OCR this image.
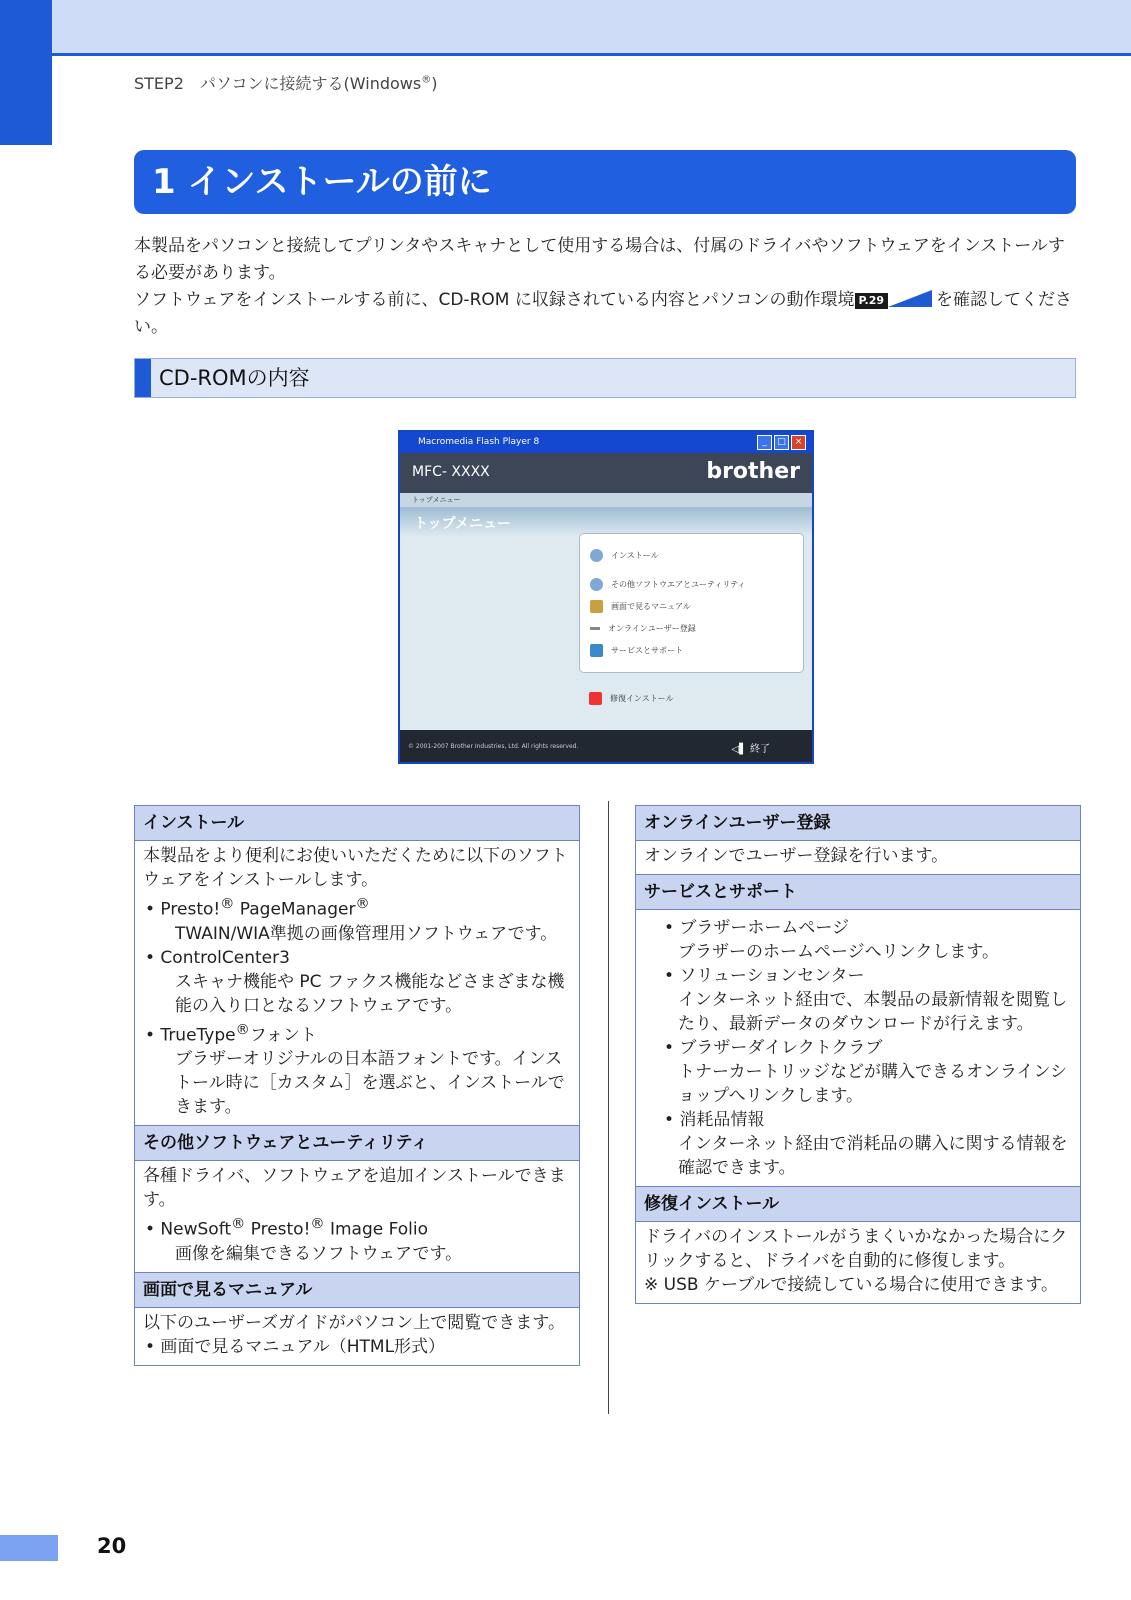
STEP2　パソコンに接続する(Windows®)
1 インストールの前に
本製品をパソコンと接続してプリンタやスキャナとして使用する場合は、付属のドライバやソフトウェアをインストールする必要があります。
ソフトウェアをインストールする前に、CD-ROM に収録されている内容とパソコンの動作環境 P.29	を確認してください。
CD-ROMの内容
Macromedia Flash Player 8	_	□ ×
MFC- XXXX	brother
トップメニュー
トップメニュー
インストール
その他ソフトウエアとユーティリティ
画面で見るマニュアル
オンラインユーザー登録
サービスとサポート
修復インストール
© 2001-2007 Brother Industries, Ltd. All rights reserved.	◁▌ 終了
インストール
本製品をより便利にお使いいただくために以下のソフトウェアをインストールします。
• Presto!® PageManager®
TWAIN/WIA準拠の画像管理用ソフトウェアです。
• ControlCenter3
スキャナ機能や PC ファクス機能などさまざまな機能の入り口となるソフトウェアです。
• TrueType®フォント
ブラザーオリジナルの日本語フォントです。インストール時に［カスタム］を選ぶと、インストールできます。
その他ソフトウェアとユーティリティ
各種ドライバ、ソフトウェアを追加インストールできます。
• NewSoft® Presto!® Image Folio
画像を編集できるソフトウェアです。
画面で見るマニュアル
以下のユーザーズガイドがパソコン上で閲覧できます。
• 画面で見るマニュアル（HTML形式）
オンラインユーザー登録
オンラインでユーザー登録を行います。
サービスとサポート
• ブラザーホームページ
ブラザーのホームページへリンクします。
• ソリューションセンター
インターネット経由で、本製品の最新情報を閲覧したり、最新データのダウンロードが行えます。
• ブラザーダイレクトクラブ
トナーカートリッジなどが購入できるオンラインショップへリンクします。
• 消耗品情報
インターネット経由で消耗品の購入に関する情報を確認できます。
修復インストール
ドライバのインストールがうまくいかなかった場合にクリックすると、ドライバを自動的に修復します。
※ USB ケーブルで接続している場合に使用できます。
20
